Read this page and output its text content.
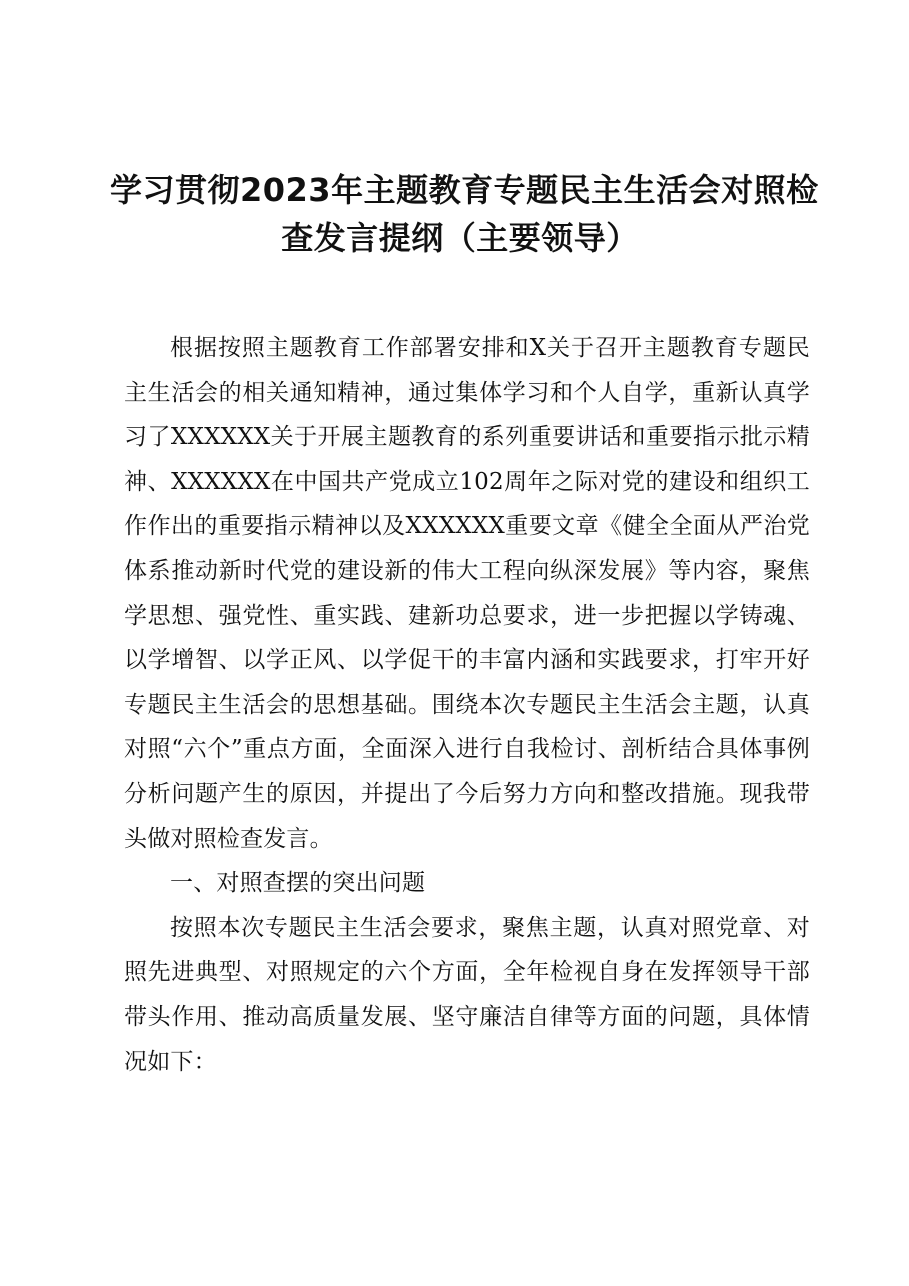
学习贯彻2023年主题教育专题民主生活会对照检
查发言提纲（主要领导）

根据按照主题教育工作部署安排和X关于召开主题教育专题民主生活会的相关通知精神，通过集体学习和个人自学，重新认真学习了XXXXXX关于开展主题教育的系列重要讲话和重要指示批示精神、XXXXXX在中国共产党成立102周年之际对党的建设和组织工作作出的重要指示精神以及XXXXXX重要文章《健全全面从严治党体系推动新时代党的建设新的伟大工程向纵深发展》等内容，聚焦学思想、强党性、重实践、建新功总要求，进一步把握以学铸魂、以学增智、以学正风、以学促干的丰富内涵和实践要求，打牢开好专题民主生活会的思想基础。围绕本次专题民主生活会主题，认真对照“六个”重点方面，全面深入进行自我检讨、剖析结合具体事例分析问题产生的原因，并提出了今后努力方向和整改措施。现我带头做对照检查发言。

一、对照查摆的突出问题

按照本次专题民主生活会要求，聚焦主题，认真对照党章、对照先进典型、对照规定的六个方面，全年检视自身在发挥领导干部带头作用、推动高质量发展、坚守廉洁自律等方面的问题，具体情况如下：
